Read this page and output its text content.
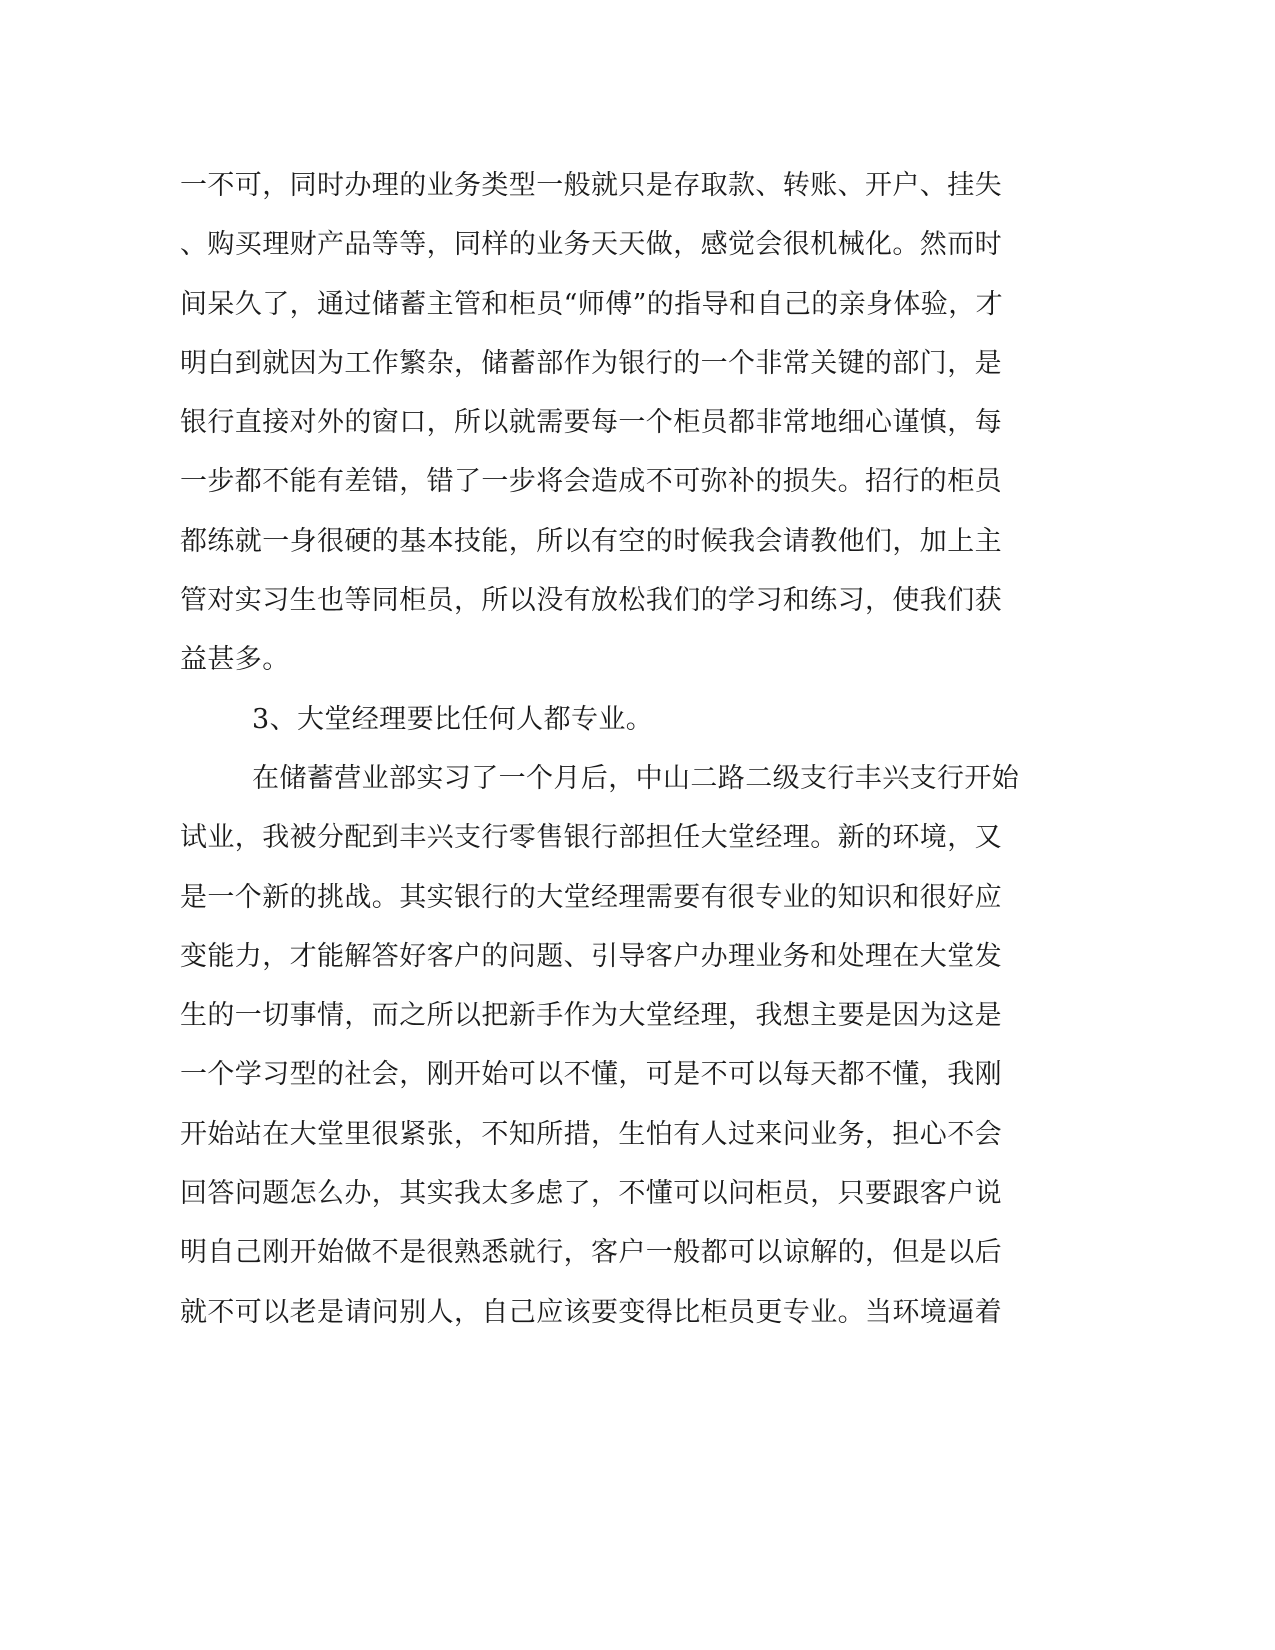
一不可，同时办理的业务类型一般就只是存取款、转账、开户、挂失
、购买理财产品等等，同样的业务天天做，感觉会很机械化。然而时
间呆久了，通过储蓄主管和柜员“师傅”的指导和自己的亲身体验，才
明白到就因为工作繁杂，储蓄部作为银行的一个非常关键的部门，是
银行直接对外的窗口，所以就需要每一个柜员都非常地细心谨慎，每
一步都不能有差错，错了一步将会造成不可弥补的损失。招行的柜员
都练就一身很硬的基本技能，所以有空的时候我会请教他们，加上主
管对实习生也等同柜员，所以没有放松我们的学习和练习，使我们获
益甚多。
3、大堂经理要比任何人都专业。
在储蓄营业部实习了一个月后，中山二路二级支行丰兴支行开始
试业，我被分配到丰兴支行零售银行部担任大堂经理。新的环境，又
是一个新的挑战。其实银行的大堂经理需要有很专业的知识和很好应
变能力，才能解答好客户的问题、引导客户办理业务和处理在大堂发
生的一切事情，而之所以把新手作为大堂经理，我想主要是因为这是
一个学习型的社会，刚开始可以不懂，可是不可以每天都不懂，我刚
开始站在大堂里很紧张，不知所措，生怕有人过来问业务，担心不会
回答问题怎么办，其实我太多虑了，不懂可以问柜员，只要跟客户说
明自己刚开始做不是很熟悉就行，客户一般都可以谅解的，但是以后
就不可以老是请问别人，自己应该要变得比柜员更专业。当环境逼着
